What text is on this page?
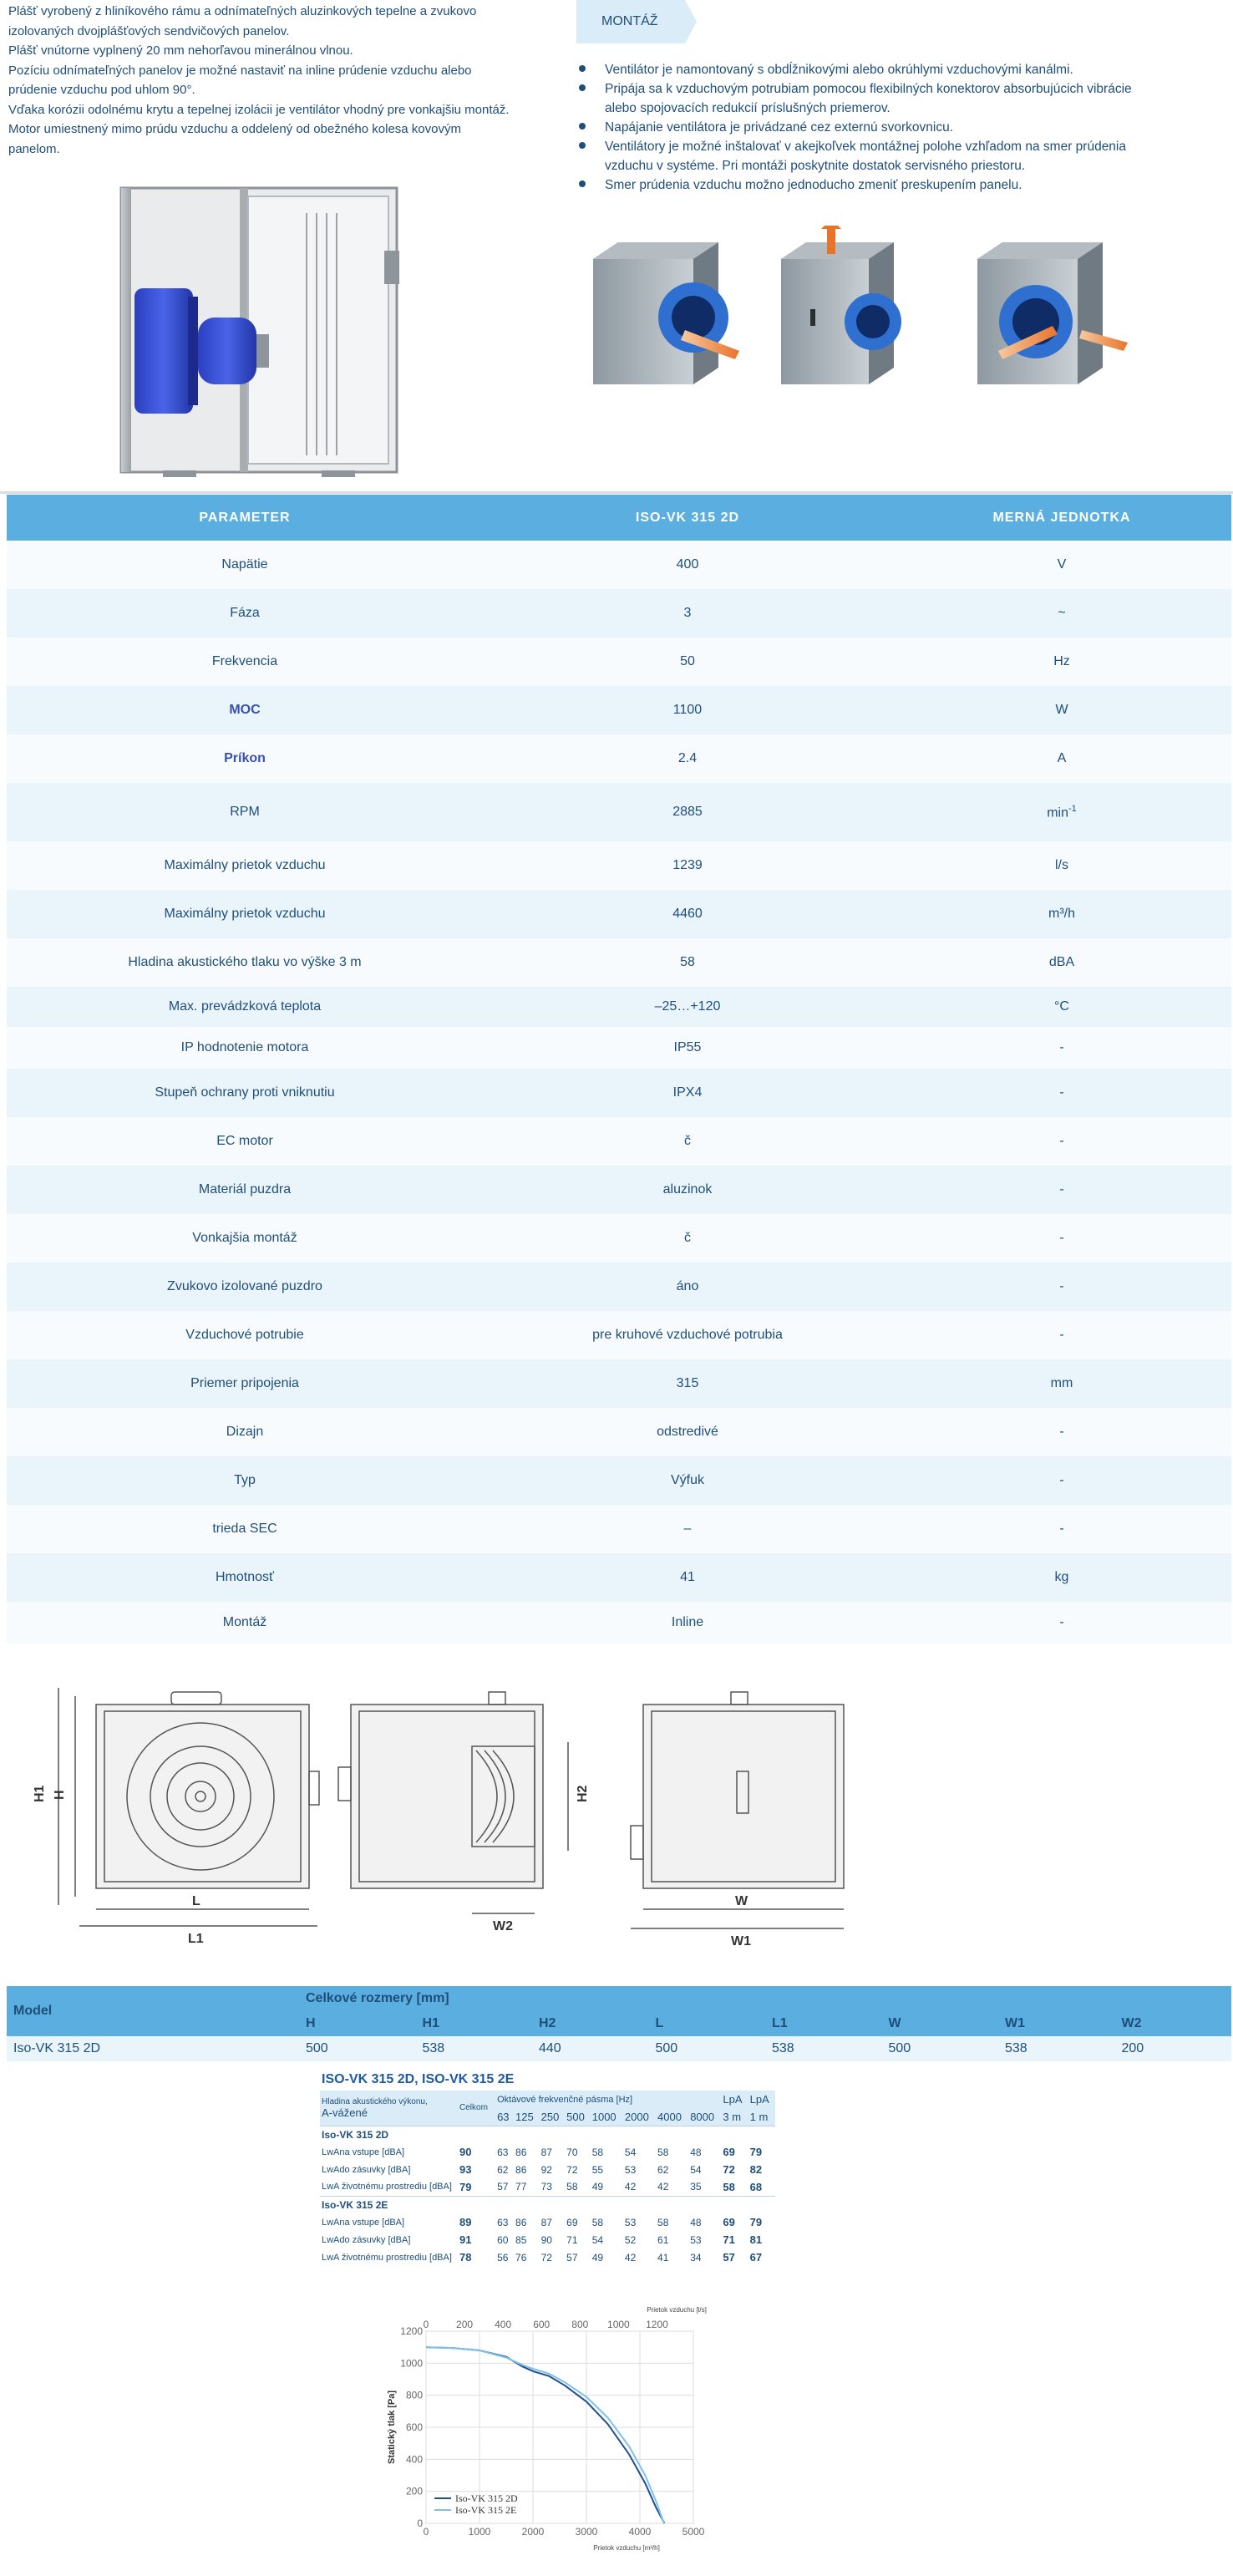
Plášť vyrobený z hliníkového rámu a odnímateľných aluzinkových tepelne a zvukovo

izolovaných dvojplášťových sendvičových panelov.

Plášť vnútorne vyplnený 20 mm nehorľavou minerálnou vlnou.

Pozíciu odnímateľných panelov je možné nastaviť na inline prúdenie vzduchu alebo

prúdenie vzduchu pod uhlom 90°.

Vďaka korózii odolnému krytu a tepelnej izolácii je ventilátor vhodný pre vonkajšiu montáž.

Motor umiestnený mimo prúdu vzduchu a oddelený od obežného kolesa kovovým

panelom.

MONTÁŽ
Ventilátor je namontovaný s obdĺžnikovými alebo okrúhlymi vzduchovými kanálmi.
Pripája sa k vzduchovým potrubiam pomocou flexibilných konektorov absorbujúcich vibrácie alebo spojovacích redukcií príslušných priemerov.
Napájanie ventilátora je privádzané cez externú svorkovnicu.
Ventilátory je možné inštalovať v akejkoľvek montážnej polohe vzhľadom na smer prúdenia vzduchu v systéme. Pri montáži poskytnite dostatok servisného priestoru.
Smer prúdenia vzduchu možno jednoducho zmeniť preskupením panelu.
PARAMETER	ISO-VK 315 2D	MERNÁ JEDNOTKA
Napätie	400	V
Fáza	3	~
Frekvencia	50	Hz
MOC	1100	W
Príkon	2.4	A
RPM	2885	$\min^{-1}$
Maximálny prietok vzduchu	1239	l/s
Maximálny prietok vzduchu	4460	m³/h
Hladina akustického tlaku vo výške 3 m	58	dBA
Max. prevádzková teplota	–25…+120	°C
IP hodnotenie motora	IP55	-
Stupeň ochrany proti vniknutiu	IPX4	-
EC motor	č	-
Materiál puzdra	aluzinok	-
Vonkajšia montáž	č	-
Zvukovo izolované puzdro	áno	-
Vzduchové potrubie	pre kruhové vzduchové potrubia	-
Priemer pripojenia	315	mm
Dizajn	odstredivé	-
Typ	Výfuk	-
trieda SEC	–	-
Hmotnosť	41	kg
Montáž	Inline	-
H1 H
L
L1
W2
H2
W
W1
Model	Celkové rozmery [mm]							
	H	H1	H2	L	L1	W	W1	W2
Iso-VK 315 2D	500	538	440	500	538	500	538	200
ISO-VK 315 2D, ISO-VK 315 2E
Hladina akustického výkonu,
A-vážené	Celkom	Oktávové frekvenčné pásma [Hz]								LpA	LpA
		63	125	250	500	1000	2000	4000	8000	3 m	1 m
Iso-VK 315 2D											
LwAna vstupe [dBA]	90	63	86	87	70	58	54	58	48	69	79
LwAdo zásuvky [dBA]	93	62	86	92	72	55	53	62	54	72	82
LwA životnému prostrediu [dBA]	79	57	77	73	58	49	42	42	35	58	68
Iso-VK 315 2E											
LwAna vstupe [dBA]	89	63	86	87	69	58	53	58	48	69	79
LwAdo zásuvky [dBA]	91	60	85	90	71	54	52	61	53	71	81
LwA životnému prostrediu [dBA]	78	56	76	72	57	49	42	41	34	57	67
0	1000	2000	3000	4000	5000
0
200
400
600
800
1000
1200
0	200 400 600 800 1000 1200
Prietok vzduchu [l/s]
Prietok vzduchu [m³/h]
Statický tlak [Pa]
Iso-VK 315 2D
Iso-VK 315 2E
